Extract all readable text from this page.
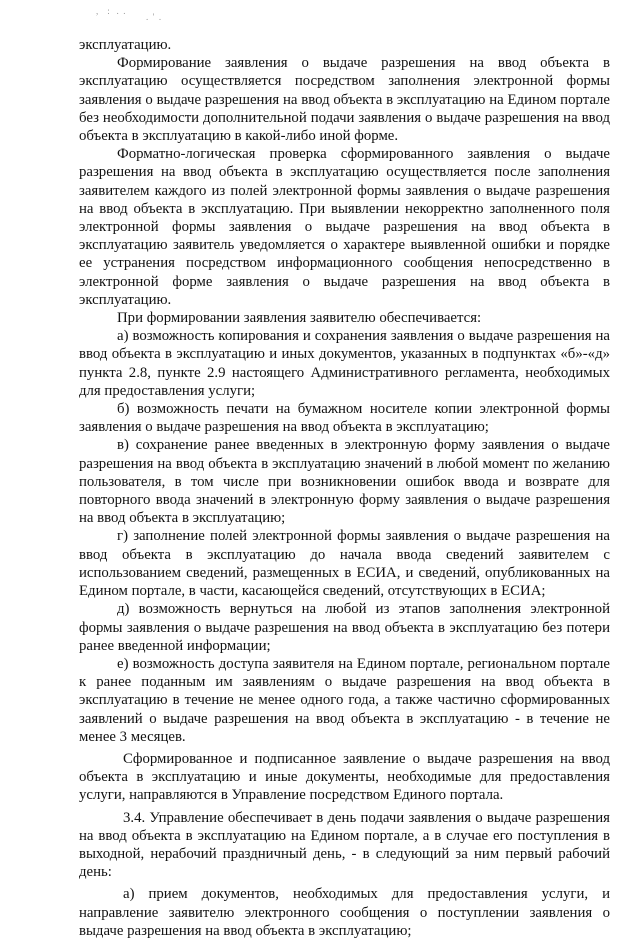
,    :   .  .
.  '  .

эксплуатацию.

Формирование заявления о выдаче разрешения на ввод объекта в эксплуатацию осуществляется посредством заполнения электронной формы заявления о выдаче разрешения на ввод объекта в эксплуатацию на Едином портале без необходимости дополнительной подачи заявления о выдаче разрешения на ввод объекта в эксплуатацию в какой-либо иной форме.

Форматно-логическая проверка сформированного заявления о выдаче разрешения на ввод объекта в эксплуатацию осуществляется после заполнения заявителем каждого из полей электронной формы заявления о выдаче разрешения на ввод объекта в эксплуатацию. При выявлении некорректно заполненного поля электронной формы заявления о выдаче разрешения на ввод объекта в эксплуатацию заявитель уведомляется о характере выявленной ошибки и порядке ее устранения посредством информационного сообщения непосредственно в электронной форме заявления о выдаче разрешения на ввод объекта в эксплуатацию.

При формировании заявления заявителю обеспечивается:

а) возможность копирования и сохранения заявления о выдаче разрешения на ввод объекта в эксплуатацию и иных документов, указанных в подпунктах «б»-«д» пункта 2.8, пункте 2.9 настоящего Административного регламента, необходимых для предоставления услуги;

б) возможность печати на бумажном носителе копии электронной формы заявления о выдаче разрешения на ввод объекта в эксплуатацию;

в) сохранение ранее введенных в электронную форму заявления о выдаче разрешения на ввод объекта в эксплуатацию значений в любой момент по желанию пользователя, в том числе при возникновении ошибок ввода и возврате для повторного ввода значений в электронную форму заявления о выдаче разрешения на ввод объекта в эксплуатацию;

г) заполнение полей электронной формы заявления о выдаче разрешения на ввод объекта в эксплуатацию до начала ввода сведений заявителем с использованием сведений, размещенных в ЕСИА, и сведений, опубликованных на Едином портале, в части, касающейся сведений, отсутствующих в ЕСИА;

д) возможность вернуться на любой из этапов заполнения электронной формы заявления о выдаче разрешения на ввод объекта в эксплуатацию без потери ранее введенной информации;

е) возможность доступа заявителя на Едином портале, региональном портале к ранее поданным им заявлениям о выдаче разрешения на ввод объекта в эксплуатацию в течение не менее одного года, а также частично сформированных заявлений о выдаче разрешения на ввод объекта в эксплуатацию - в течение не менее 3 месяцев.

Сформированное и подписанное заявление о выдаче разрешения на ввод объекта в эксплуатацию и иные документы, необходимые для предоставления услуги, направляются в Управление посредством Единого портала.

3.4. Управление обеспечивает в день подачи заявления о выдаче разрешения на ввод объекта в эксплуатацию на Едином портале, а в случае его поступления в выходной, нерабочий праздничный день, - в следующий за ним первый рабочий день:

а) прием документов, необходимых для предоставления услуги, и направление заявителю электронного сообщения о поступлении заявления о выдаче разрешения на ввод объекта в эксплуатацию;
